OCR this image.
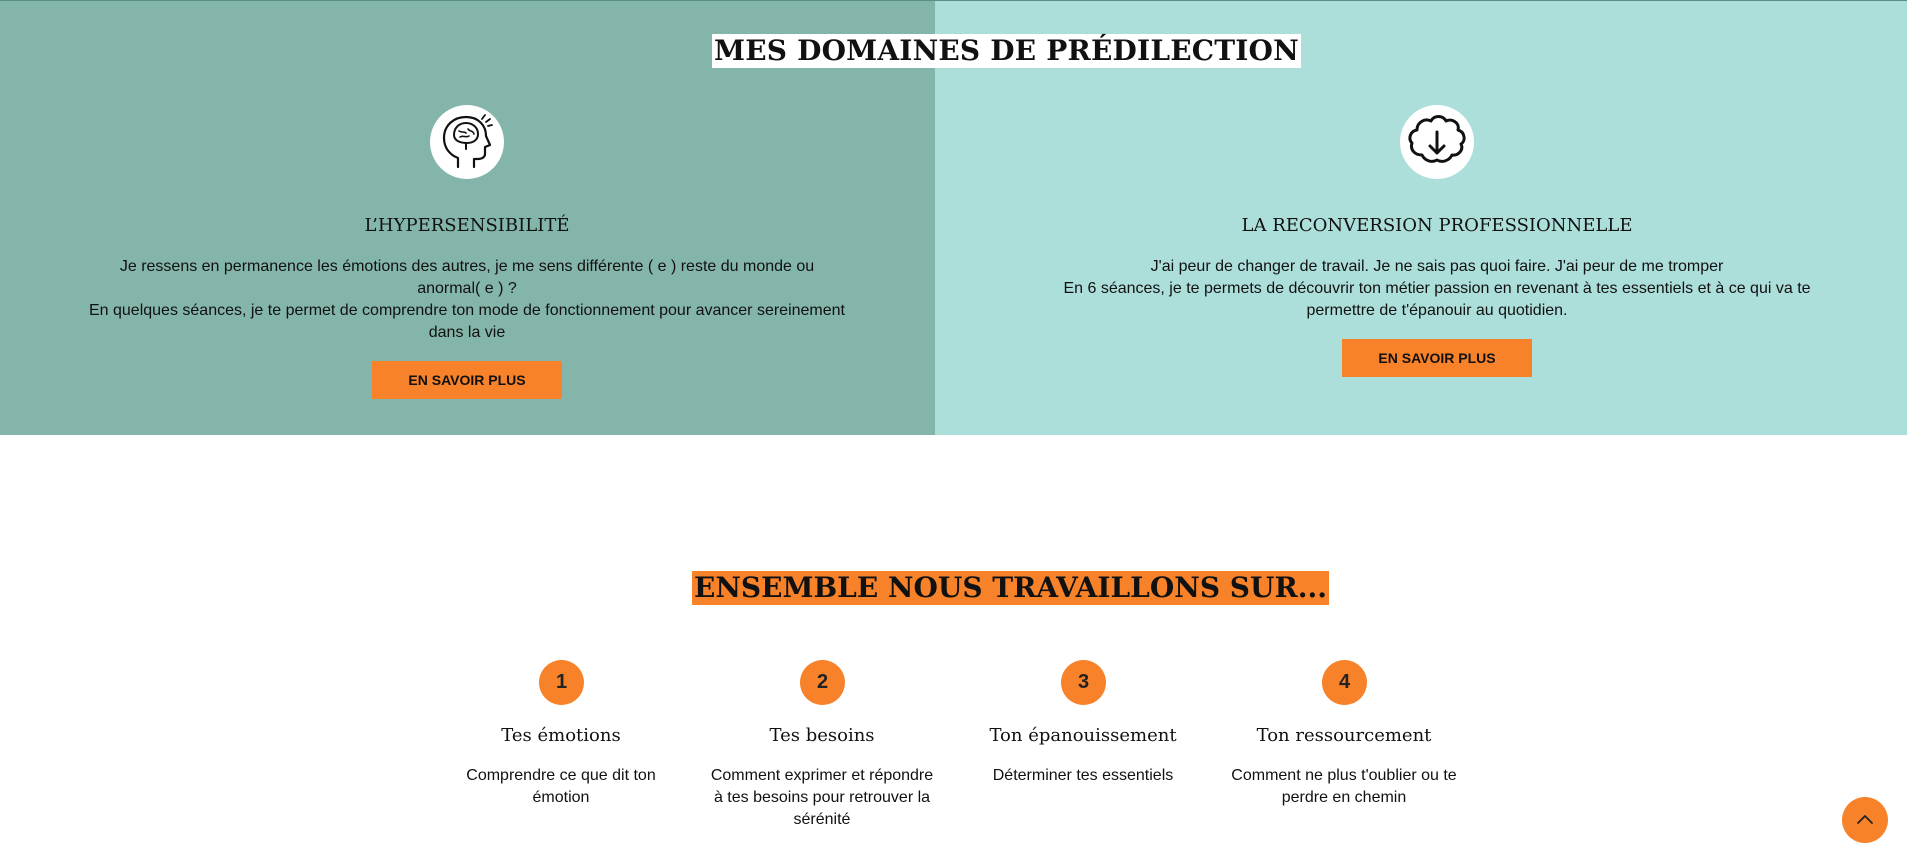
MES DOMAINES DE PRÉDILECTION
L’HYPERSENSIBILITÉ
Je ressens en permanence les émotions des autres, je me sens différente ( e ) reste du monde ou anormal( e ) ?
En quelques séances, je te permet de comprendre ton mode de fonctionnement pour avancer sereinement dans la vie
EN SAVOIR PLUS
LA RECONVERSION PROFESSIONNELLE
J'ai peur de changer de travail. Je ne sais pas quoi faire. J'ai peur de me tromper
En 6 séances, je te permets de découvrir ton métier passion en revenant à tes essentiels et à ce qui va te permettre de t'épanouir au quotidien.
EN SAVOIR PLUS
ENSEMBLE NOUS TRAVAILLONS SUR...
1
Tes émotions
Comprendre ce que dit ton émotion
2
Tes besoins
Comment exprimer et répondre à tes besoins pour retrouver la sérénité
3
Ton épanouissement
Déterminer tes essentiels
4
Ton ressourcement
Comment ne plus t'oublier ou te perdre en chemin
